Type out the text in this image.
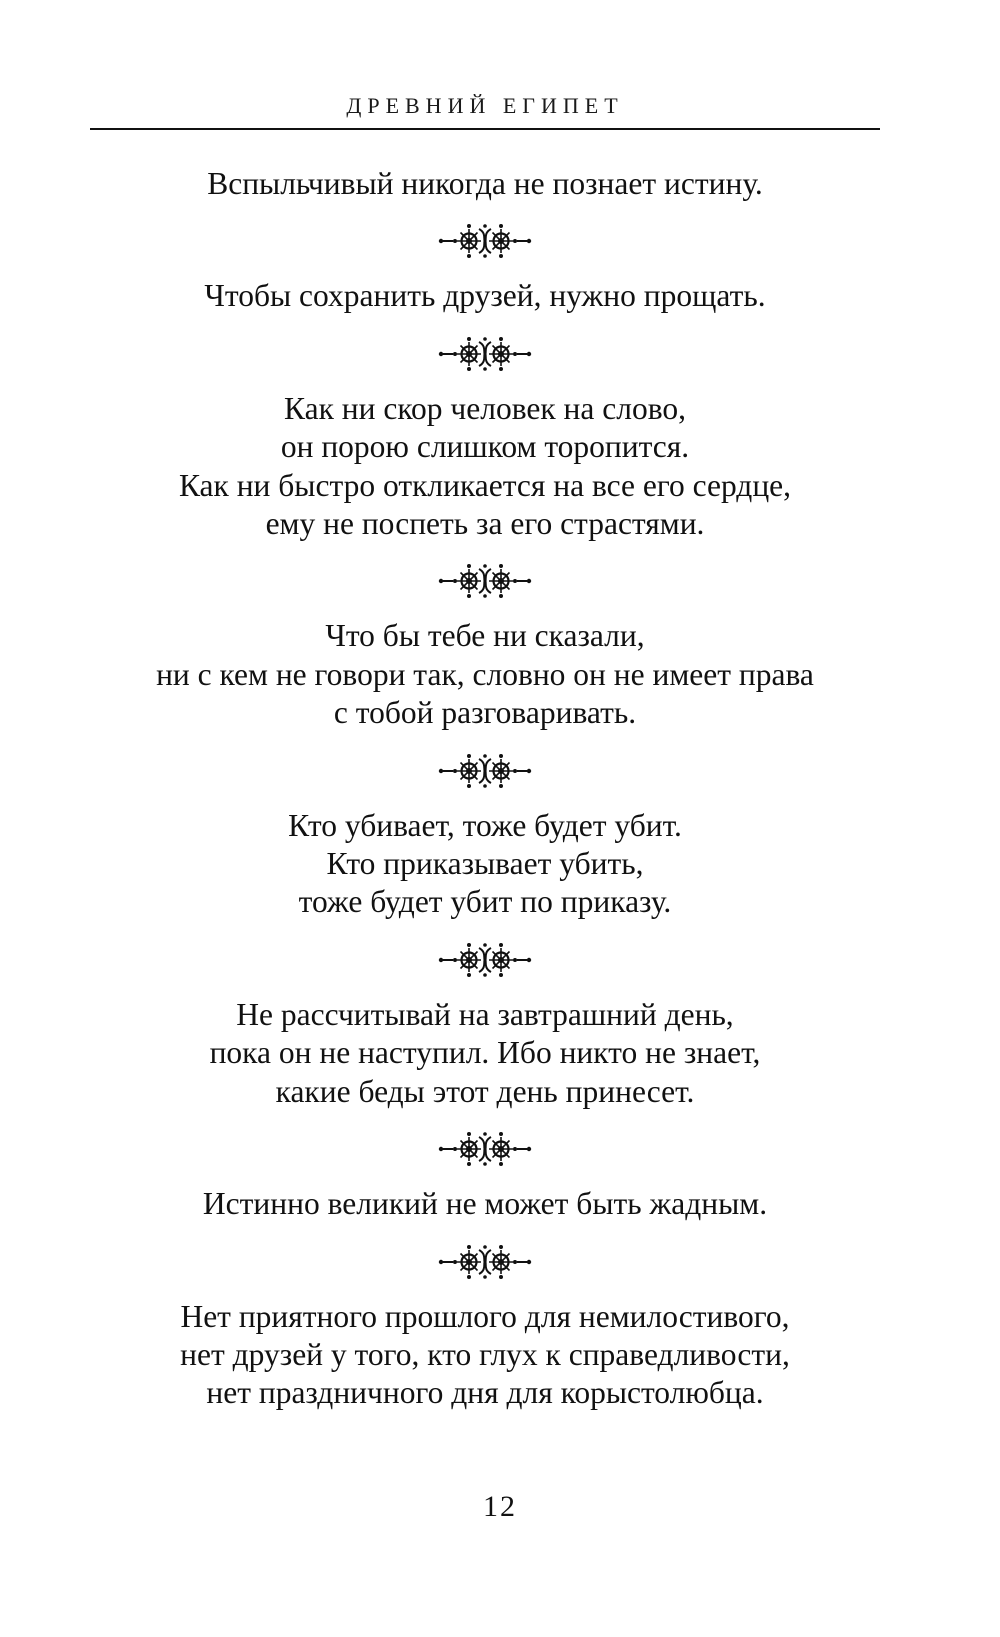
ДРЕВНИЙ ЕГИПЕТ

Вспыльчивый никогда не познает истину.

Чтобы сохранить друзей, нужно прощать.

Как ни скор человек на слово,
он порою слишком торопится.
Как ни быстро откликается на все его сердце,
ему не поспеть за его страстями.

Что бы тебе ни сказали,
ни с кем не говори так, словно он не имеет права
с тобой разговаривать.

Кто убивает, тоже будет убит.
Кто приказывает убить,
тоже будет убит по приказу.

Не рассчитывай на завтрашний день,
пока он не наступил. Ибо никто не знает,
какие беды этот день принесет.

Истинно великий не может быть жадным.

Нет приятного прошлого для немилостивого,
нет друзей у того, кто глух к справедливости,
нет праздничного дня для корыстолюбца.

12
